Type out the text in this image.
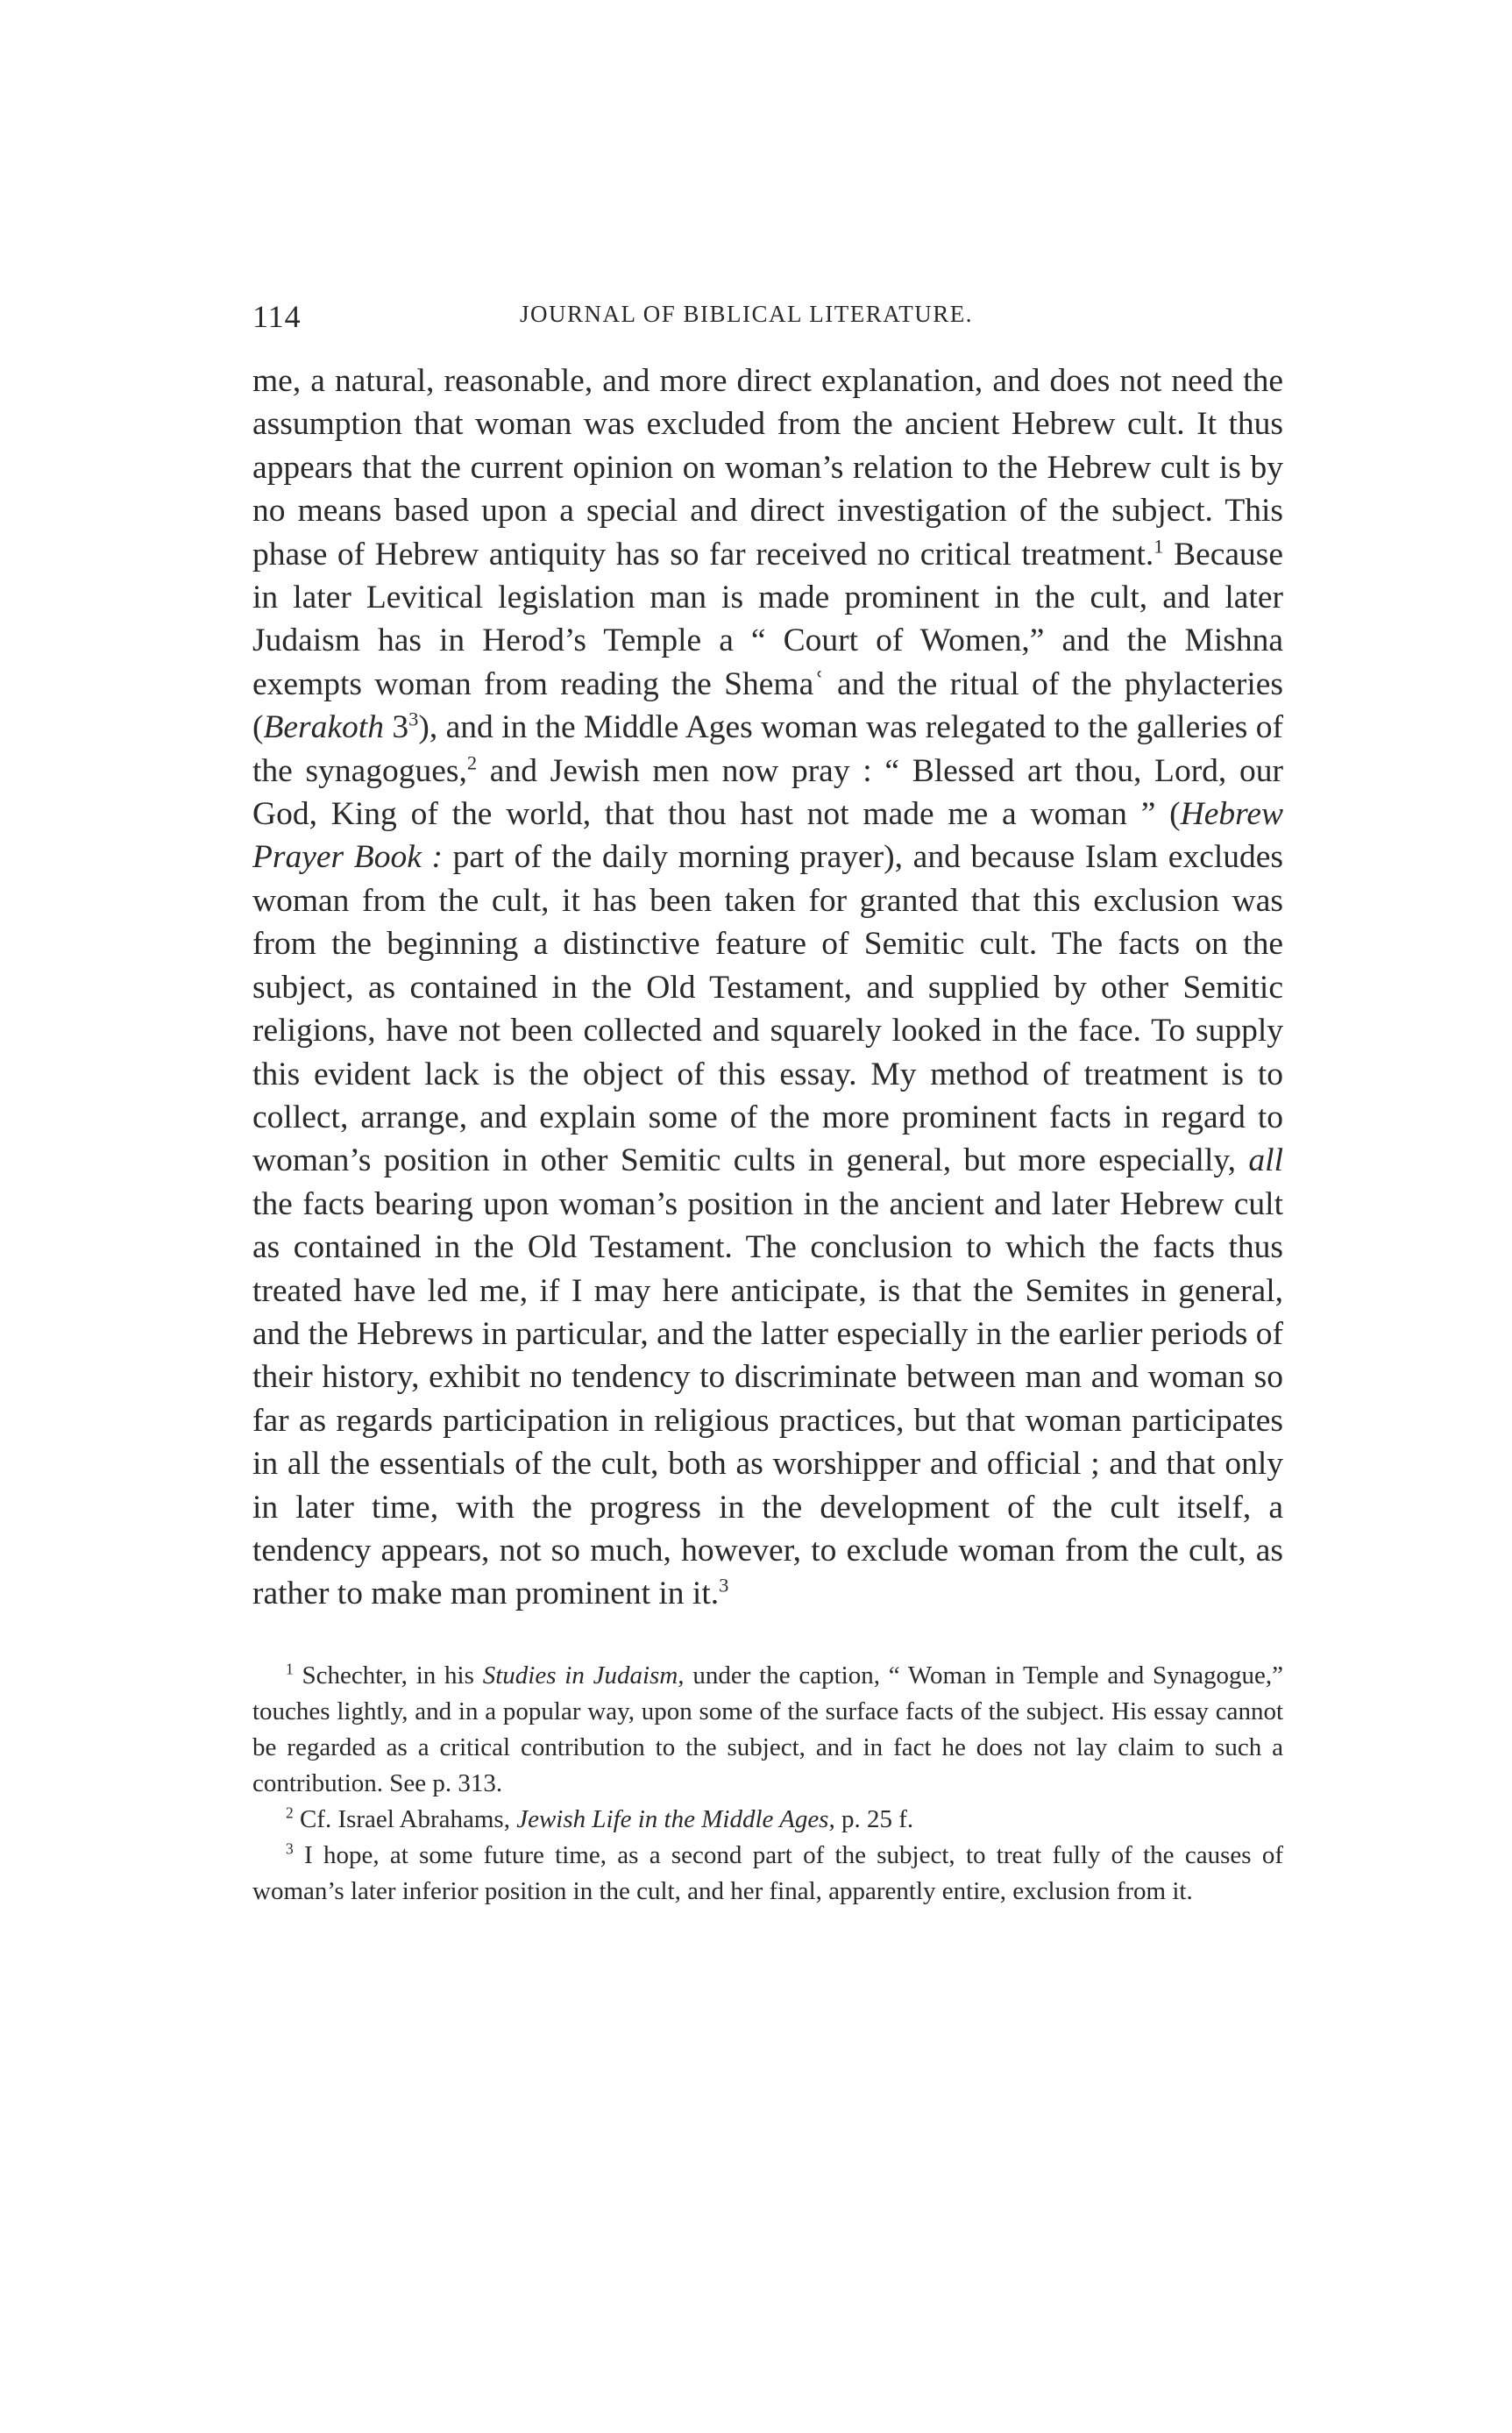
114	JOURNAL OF BIBLICAL LITERATURE.

me, a natural, reasonable, and more direct explanation, and does not need the assumption that woman was excluded from the ancient Hebrew cult. It thus appears that the current opinion on woman’s relation to the Hebrew cult is by no means based upon a special and direct investigation of the subject. This phase of Hebrew antiquity has so far received no critical treatment.$^1$ Because in later Levitical legislation man is made prominent in the cult, and later Judaism has in Herod’s Temple a “ Court of Women,” and the Mishna exempts woman from reading the Shemaʿ and the ritual of the phylacteries (Berakoth $3^3$), and in the Middle Ages woman was relegated to the galleries of the synagogues,$^2$ and Jewish men now pray : “ Blessed art thou, Lord, our God, King of the world, that thou hast not made me a woman ” (Hebrew Prayer Book : part of the daily morning prayer), and because Islam excludes woman from the cult, it has been taken for granted that this exclusion was from the beginning a distinctive feature of Semitic cult. The facts on the subject, as contained in the Old Testament, and supplied by other Semitic religions, have not been collected and squarely looked in the face. To supply this evident lack is the object of this essay. My method of treatment is to collect, arrange, and explain some of the more prominent facts in regard to woman’s position in other Semitic cults in general, but more especially, all the facts bearing upon woman’s position in the ancient and later Hebrew cult as contained in the Old Testament. The conclusion to which the facts thus treated have led me, if I may here anticipate, is that the Semites in general, and the Hebrews in particular, and the latter especially in the earlier periods of their history, exhibit no tendency to discriminate between man and woman so far as regards participation in religious practices, but that woman participates in all the essentials of the cult, both as worshipper and official ; and that only in later time, with the progress in the development of the cult itself, a tendency appears, not so much, however, to exclude woman from the cult, as rather to make man prominent in it.$^3$

$^1$ Schechter, in his Studies in Judaism, under the caption, “ Woman in Temple and Synagogue,” touches lightly, and in a popular way, upon some of the surface facts of the subject. His essay cannot be regarded as a critical contribution to the subject, and in fact he does not lay claim to such a contribution. See p. 313.

$^2$ Cf. Israel Abrahams, Jewish Life in the Middle Ages, p. 25 f.

$^3$ I hope, at some future time, as a second part of the subject, to treat fully of the causes of woman’s later inferior position in the cult, and her final, apparently entire, exclusion from it.
